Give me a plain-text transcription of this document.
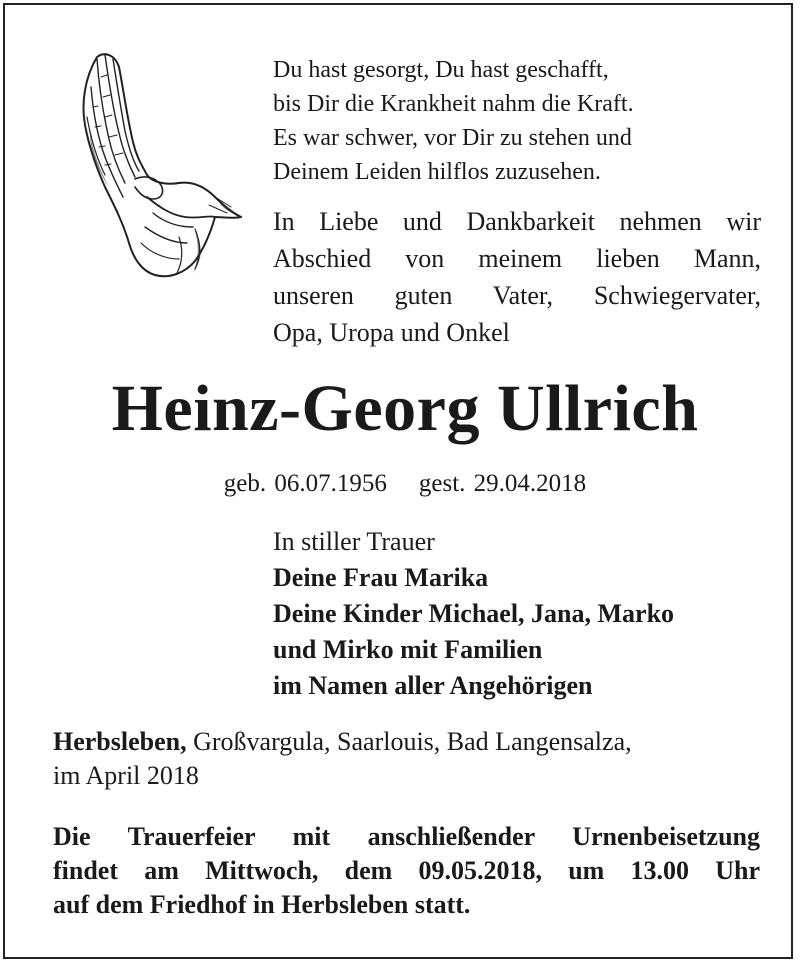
Du hast gesorgt, Du hast geschafft,
bis Dir die Krankheit nahm die Kraft.
Es war schwer, vor Dir zu stehen und
Deinem Leiden hilflos zuzusehen.
In Liebe und Dankbarkeit nehmen wir
Abschied von meinem lieben Mann,
unseren guten Vater, Schwiegervater,
Opa, Uropa und Onkel
Heinz-Georg Ullrich
geb. 06.07.1956 gest. 29.04.2018
In stiller Trauer
Deine Frau Marika
Deine Kinder Michael, Jana, Marko
und Mirko mit Familien
im Namen aller Angehörigen
Herbsleben, Großvargula, Saarlouis, Bad Langensalza,
im April 2018
Die Trauerfeier mit anschließender Urnenbeisetzung
findet am Mittwoch, dem 09.05.2018, um 13.00 Uhr
auf dem Friedhof in Herbsleben statt.
